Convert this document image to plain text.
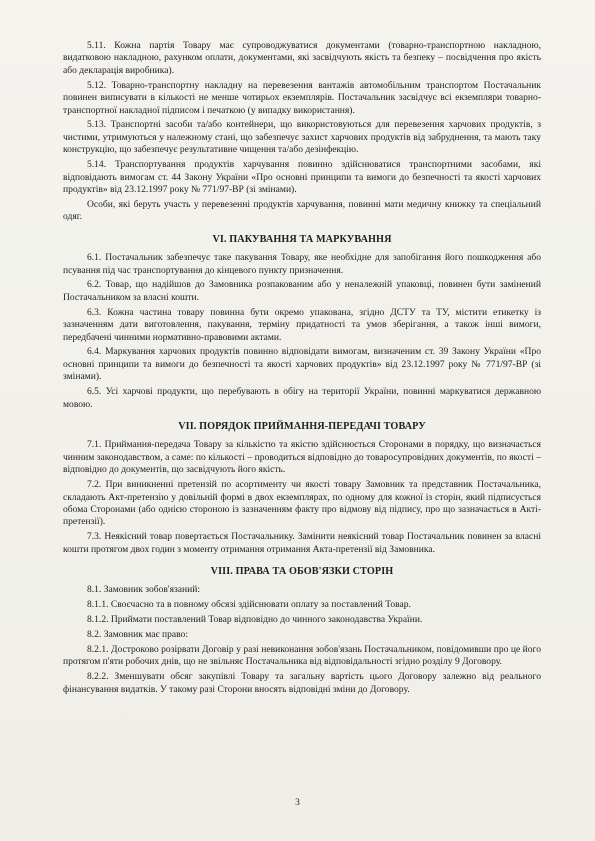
5.11. Кожна партія Товару має супроводжуватися документами (товарно-транспортною накладною, видатковою накладною, рахунком оплати, документами, які засвідчують якість та безпеку – посвідчення про якість або декларація виробника).

5.12. Товарно-транспортну накладну на перевезення вантажів автомобільним транспортом Постачальник повинен виписувати в кількості не менше чотирьох екземплярів. Постачальник засвідчує всі екземпляри товарно-транспортної накладної підписом і печаткою (у випадку використання).

5.13. Транспортні засоби та/або контейнери, що використовуються для перевезення харчових продуктів, з чистими, утримуються у належному стані, що забезпечує захист харчових продуктів від забруднення, та мають таку конструкцію, що забезпечує результативне чищення та/або дезінфекцію.

5.14. Транспортування продуктів харчування повинно здійснюватися транспортними засобами, які відповідають вимогам ст. 44 Закону України «Про основні принципи та вимоги до безпечності та якості харчових продуктів» від 23.12.1997 року № 771/97-ВР (зі змінами).

Особи, які беруть участь у перевезенні продуктів харчування, повинні мати медичну книжку та спеціальний одяг.

VI. ПАКУВАННЯ ТА МАРКУВАННЯ

6.1. Постачальник забезпечує таке пакування Товару, яке необхідне для запобігання його пошкодження або псування під час транспортування до кінцевого пункту призначення.

6.2. Товар, що надійшов до Замовника розпакованим або у неналежній упаковці, повинен бути замінений Постачальником за власні кошти.

6.3. Кожна частина товару повинна бути окремо упакована, згідно ДСТУ та ТУ, містити етикетку із зазначенням дати виготовлення, пакування, терміну придатності та умов зберігання, а також інші вимоги, передбачені чинними нормативно-правовими актами.

6.4. Маркування харчових продуктів повинно відповідати вимогам, визначеним ст. 39 Закону України «Про основні принципи та вимоги до безпечності та якості харчових продуктів» від 23.12.1997 року № 771/97-ВР (зі змінами).

6.5. Усі харчові продукти, що перебувають в обігу на території України, повинні маркуватися державною мовою.

VII. ПОРЯДОК ПРИЙМАННЯ-ПЕРЕДАЧІ ТОВАРУ

7.1. Приймання-передача Товару за кількістю та якістю здійснюється Сторонами в порядку, що визначається чинним законодавством, а саме: по кількості – проводиться відповідно до товаросупровідних документів, по якості – відповідно до документів, що засвідчують його якість.

7.2. При виникненні претензій по асортименту чи якості товару Замовник та представник Постачальника, складають Акт-претензію у довільній формі в двох екземплярах, по одному для кожної із сторін, який підписується обома Сторонами (або однією стороною із зазначенням факту про відмову від підпису, про що зазначається в Акті-претензії).

7.3. Неякісний товар повертається Постачальнику. Замінити неякісний товар Постачальник повинен за власні кошти протягом двох годин з моменту отримання отримання Акта-претензії від Замовника.

VIII. ПРАВА ТА ОБОВ'ЯЗКИ СТОРІН

8.1. Замовник зобов'язаний:

8.1.1. Своєчасно та в повному обсязі здійснювати оплату за поставлений Товар.

8.1.2. Приймати поставлений Товар відповідно до чинного законодавства України.

8.2. Замовник має право:

8.2.1. Достроково розірвати Договір у разі невиконання зобов'язань Постачальником, повідомивши про це його протягом п'яти робочих днів, що не звільняє Постачальника від відповідальності згідно розділу 9 Договору.

8.2.2. Зменшувати обсяг закупівлі Товару та загальну вартість цього Договору залежно від реального фінансування видатків. У такому разі Сторони вносять відповідні зміни до Договору.

3
